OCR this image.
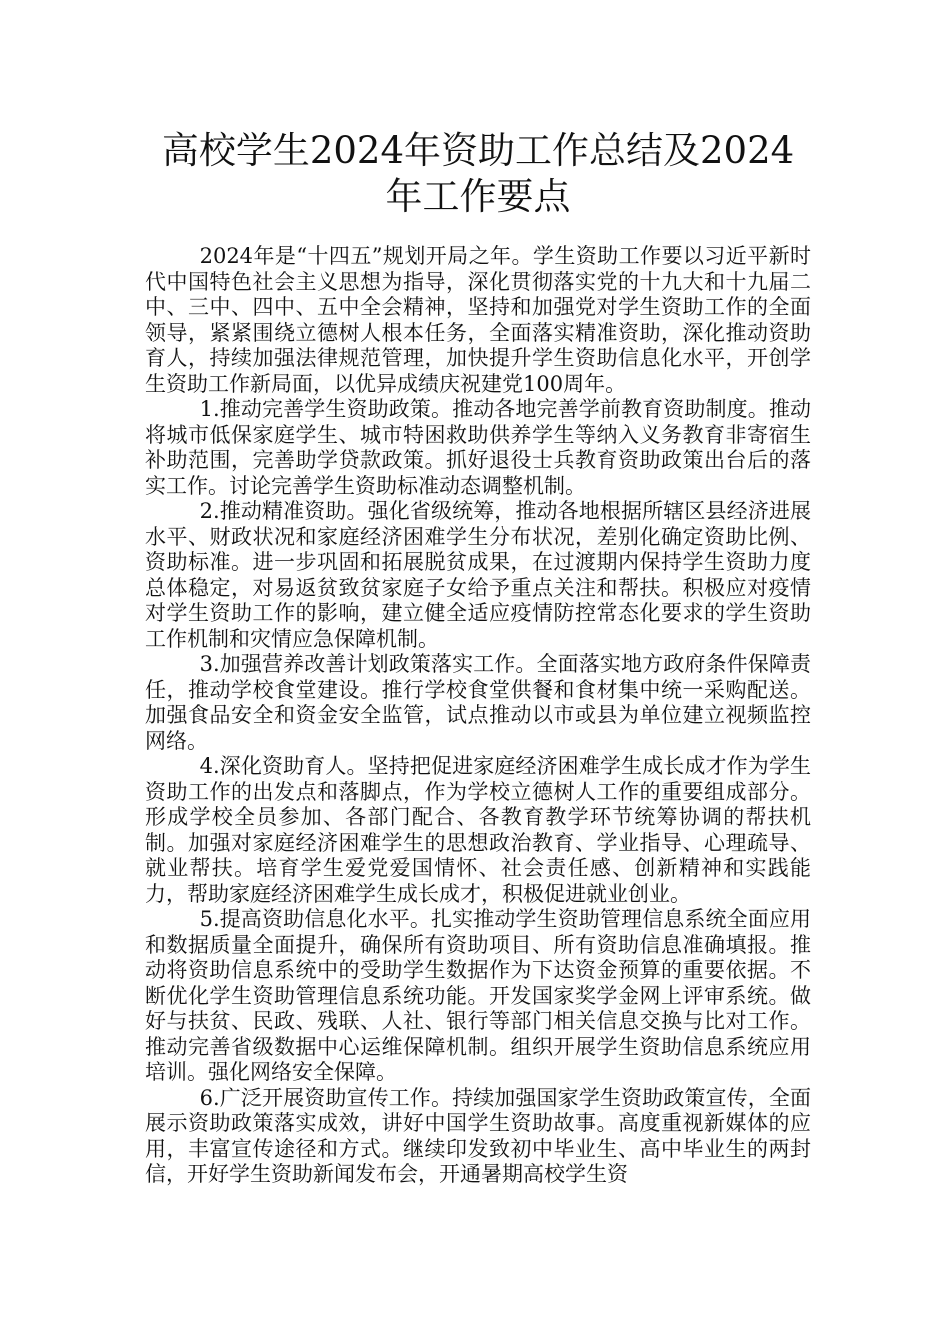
高校学生2024年资助工作总结及2024年工作要点

2024年是“十四五”规划开局之年。学生资助工作要以习近平新时代中国特色社会主义思想为指导，深化贯彻落实党的十九大和十九届二中、三中、四中、五中全会精神，坚持和加强党对学生资助工作的全面领导，紧紧围绕立德树人根本任务，全面落实精准资助，深化推动资助育人，持续加强法律规范管理，加快提升学生资助信息化水平，开创学生资助工作新局面，以优异成绩庆祝建党100周年。

1.推动完善学生资助政策。推动各地完善学前教育资助制度。推动将城市低保家庭学生、城市特困救助供养学生等纳入义务教育非寄宿生补助范围，完善助学贷款政策。抓好退役士兵教育资助政策出台后的落实工作。讨论完善学生资助标准动态调整机制。

2.推动精准资助。强化省级统筹，推动各地根据所辖区县经济进展水平、财政状况和家庭经济困难学生分布状况，差别化确定资助比例、资助标准。进一步巩固和拓展脱贫成果，在过渡期内保持学生资助力度总体稳定，对易返贫致贫家庭子女给予重点关注和帮扶。积极应对疫情对学生资助工作的影响，建立健全适应疫情防控常态化要求的学生资助工作机制和灾情应急保障机制。

3.加强营养改善计划政策落实工作。全面落实地方政府条件保障责任，推动学校食堂建设。推行学校食堂供餐和食材集中统一采购配送。加强食品安全和资金安全监管，试点推动以市或县为单位建立视频监控网络。

4.深化资助育人。坚持把促进家庭经济困难学生成长成才作为学生资助工作的出发点和落脚点，作为学校立德树人工作的重要组成部分。形成学校全员参加、各部门配合、各教育教学环节统筹协调的帮扶机制。加强对家庭经济困难学生的思想政治教育、学业指导、心理疏导、就业帮扶。培育学生爱党爱国情怀、社会责任感、创新精神和实践能力，帮助家庭经济困难学生成长成才，积极促进就业创业。

5.提高资助信息化水平。扎实推动学生资助管理信息系统全面应用和数据质量全面提升，确保所有资助项目、所有资助信息准确填报。推动将资助信息系统中的受助学生数据作为下达资金预算的重要依据。不断优化学生资助管理信息系统功能。开发国家奖学金网上评审系统。做好与扶贫、民政、残联、人社、银行等部门相关信息交换与比对工作。推动完善省级数据中心运维保障机制。组织开展学生资助信息系统应用培训。强化网络安全保障。

6.广泛开展资助宣传工作。持续加强国家学生资助政策宣传，全面展示资助政策落实成效，讲好中国学生资助故事。高度重视新媒体的应用，丰富宣传途径和方式。继续印发致初中毕业生、高中毕业生的两封信，开好学生资助新闻发布会，开通暑期高校学生资
